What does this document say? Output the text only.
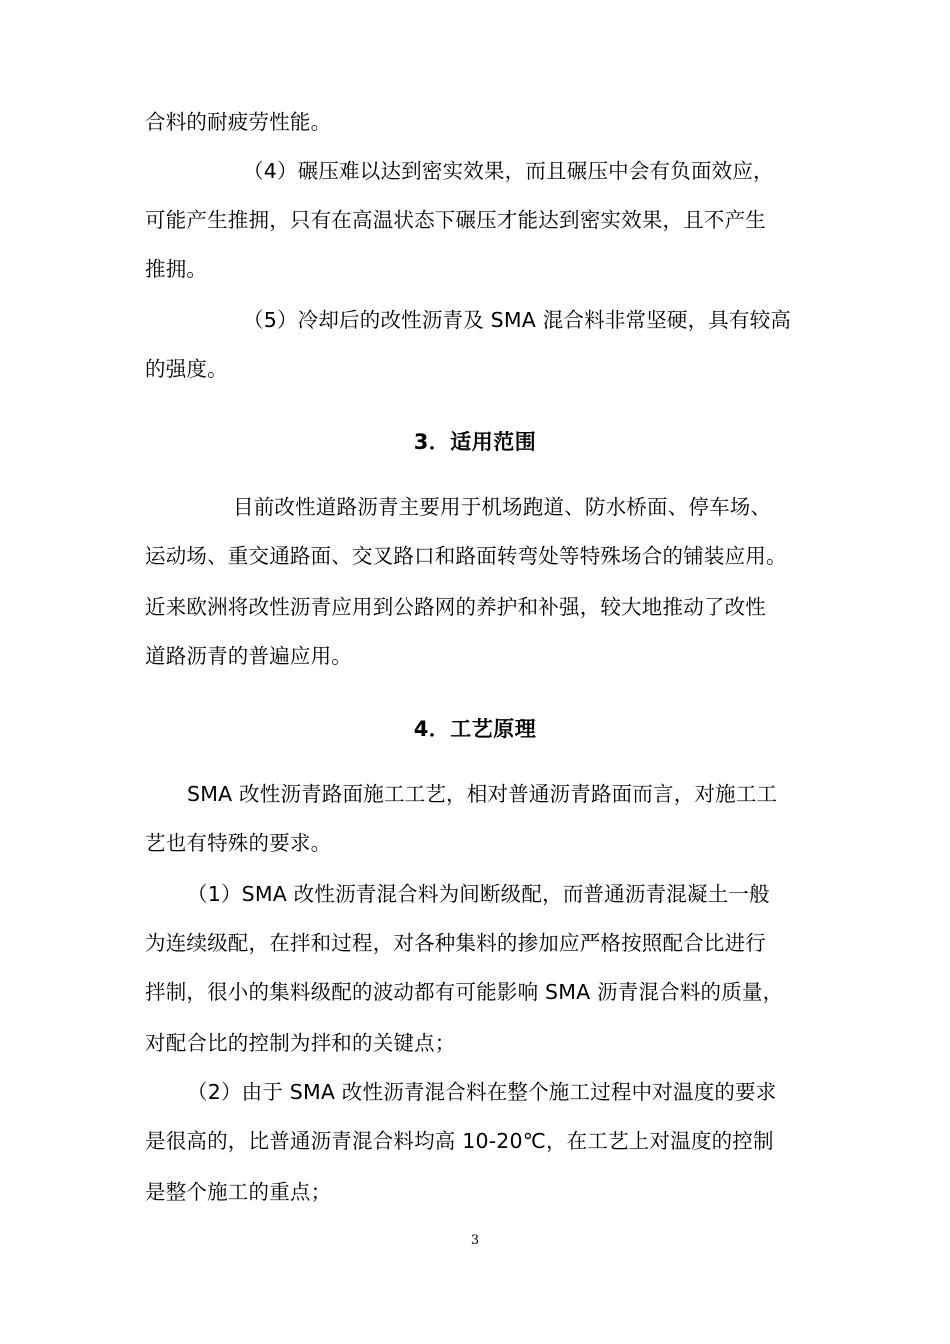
合料的耐疲劳性能。
（4）碾压难以达到密实效果，而且碾压中会有负面效应，
可能产生推拥，只有在高温状态下碾压才能达到密实效果，且不产生
推拥。
（5）冷却后的改性沥青及 SMA 混合料非常坚硬，具有较高
的强度。
3．适用范围
目前改性道路沥青主要用于机场跑道、防水桥面、停车场、
运动场、重交通路面、交叉路口和路面转弯处等特殊场合的铺装应用。
近来欧洲将改性沥青应用到公路网的养护和补强，较大地推动了改性
道路沥青的普遍应用。
4．工艺原理
SMA 改性沥青路面施工工艺，相对普通沥青路面而言，对施工工
艺也有特殊的要求。
（1）SMA 改性沥青混合料为间断级配，而普通沥青混凝土一般
为连续级配，在拌和过程，对各种集料的掺加应严格按照配合比进行
拌制，很小的集料级配的波动都有可能影响 SMA 沥青混合料的质量，
对配合比的控制为拌和的关键点；
（2）由于 SMA 改性沥青混合料在整个施工过程中对温度的要求
是很高的，比普通沥青混合料均高 10-20℃，在工艺上对温度的控制
是整个施工的重点；
3
